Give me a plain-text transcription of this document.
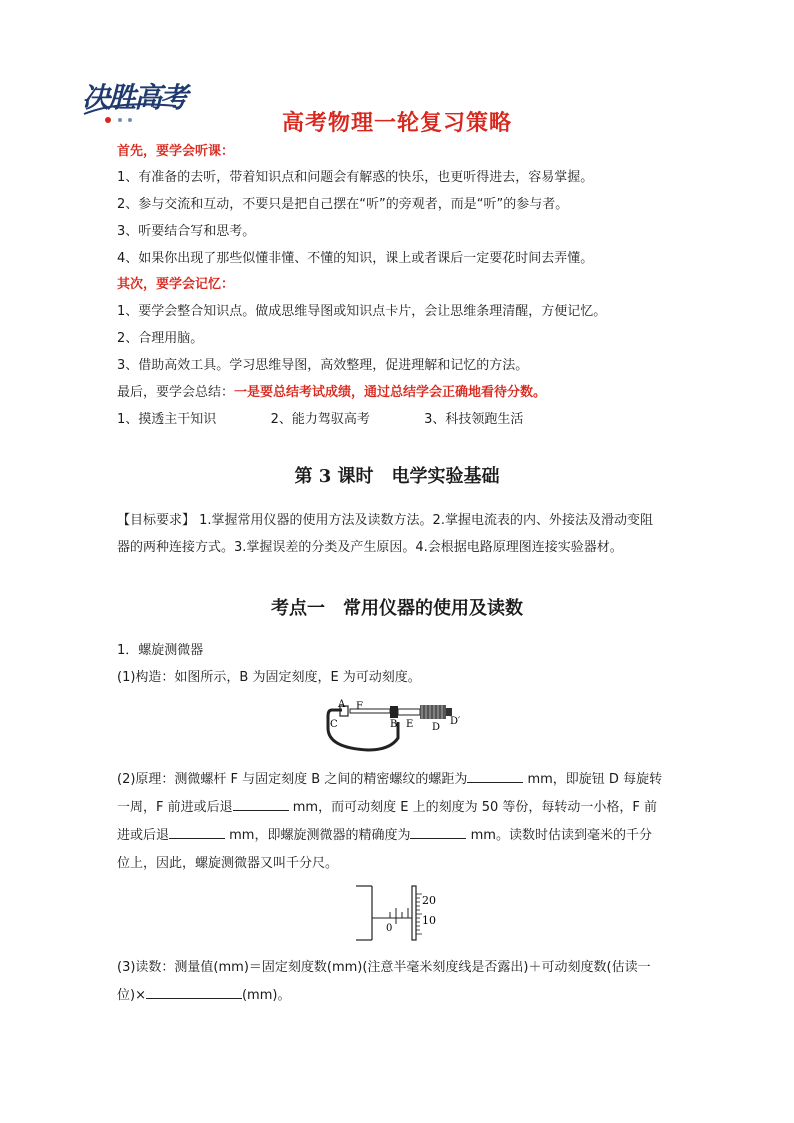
决胜高考
高考物理一轮复习策略
首先，要学会听课：
1、有准备的去听，带着知识点和问题会有解惑的快乐，也更听得进去，容易掌握。
2、参与交流和互动，不要只是把自己摆在“听”的旁观者，而是“听”的参与者。
3、听要结合写和思考。
4、如果你出现了那些似懂非懂、不懂的知识，课上或者课后一定要花时间去弄懂。
其次，要学会记忆：
1、要学会整合知识点。做成思维导图或知识点卡片，会让思维条理清醒，方便记忆。
2、合理用脑。
3、借助高效工具。学习思维导图，高效整理，促进理解和记忆的方法。
最后，要学会总结：一是要总结考试成绩，通过总结学会正确地看待分数。
1、摸透主干知识	2、能力驾驭高考	3、科技领跑生活
第 3 课时　电学实验基础
【目标要求】 1.掌握常用仪器的使用方法及读数方法。2.掌握电流表的内、外接法及滑动变阻
器的两种连接方式。3.掌握误差的分类及产生原因。4.会根据电路原理图连接实验器材。
考点一　常用仪器的使用及读数
1．螺旋测微器
(1)构造：如图所示，B 为固定刻度，E 为可动刻度。
A F
C	B E D
D′
(2)原理：测微螺杆 F 与固定刻度 B 之间的精密螺纹的螺距为	mm，即旋钮 D 每旋转
一周，F 前进或后退	mm，而可动刻度 E 上的刻度为 50 等份，每转动一小格，F 前
进或后退	mm，即螺旋测微器的精确度为	mm。读数时估读到毫米的千分
位上，因此，螺旋测微器又叫千分尺。
20
10
0
(3)读数：测量值(mm)＝固定刻度数(mm)(注意半毫米刻度线是否露出)＋可动刻度数(估读一
位)×	(mm)。
